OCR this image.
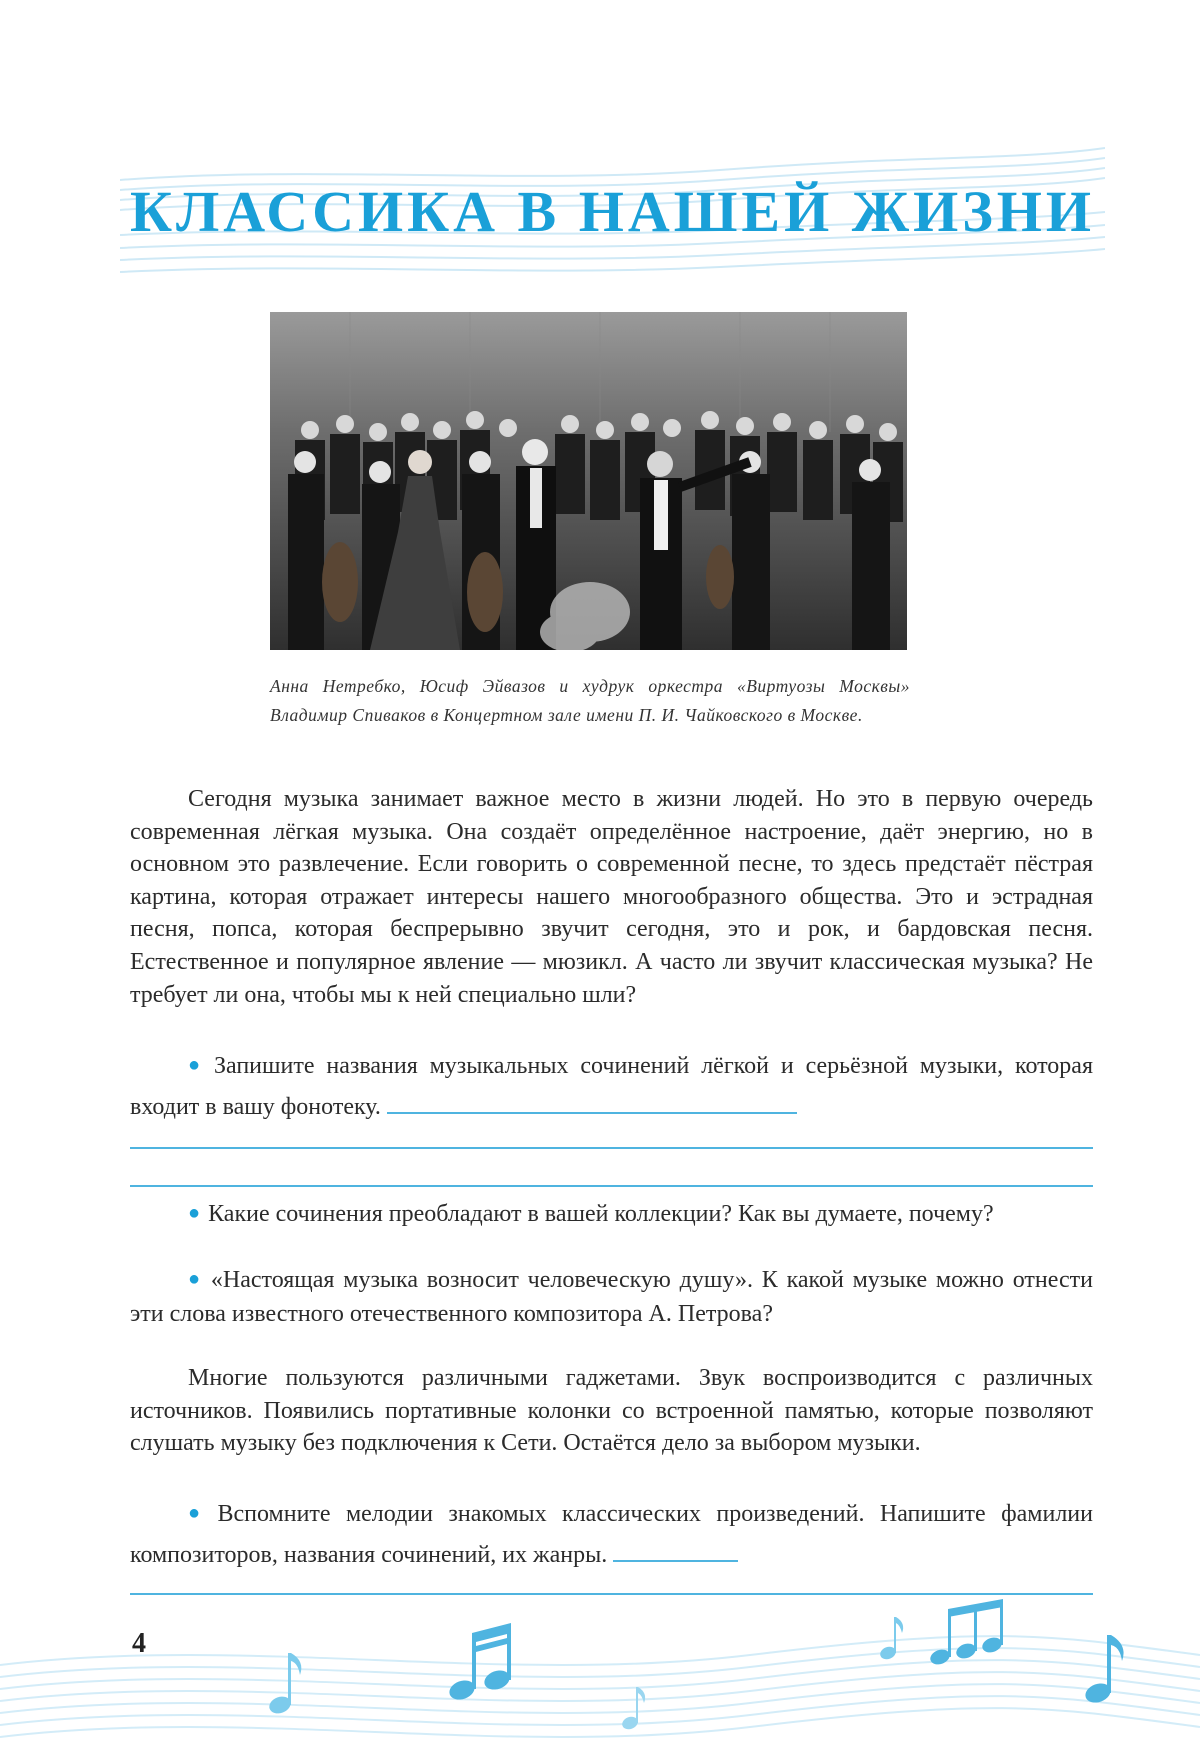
КЛАССИКА В НАШЕЙ ЖИЗНИ
Анна Нетребко, Юсиф Эйвазов и худрук оркестра «Виртуозы Москвы» Владимир Спиваков в Концертном зале имени П. И. Чайковского в Москве.

Сегодня музыка занимает важное место в жизни людей. Но это в первую очередь современная лёгкая музыка. Она создаёт определённое настроение, даёт энергию, но в основном это развлечение. Если говорить о современной песне, то здесь предстаёт пёстрая картина, которая отражает интересы нашего многообразного общества. Это и эстрадная песня, попса, которая беспрерывно звучит сегодня, это и рок, и бардовская песня. Естественное и популярное явление — мюзикл. А часто ли звучит классическая музыка? Не требует ли она, чтобы мы к ней специально шли?

● Запишите названия музыкальных сочинений лёгкой и серьёзной музыки, которая входит в вашу фонотеку.

● Какие сочинения преобладают в вашей коллекции? Как вы думаете, почему?

● «Настоящая музыка возносит человеческую душу». К какой музыке можно отнести эти слова известного отечественного композитора А. Петрова?

Многие пользуются различными гаджетами. Звук воспроизводится с различных источников. Появились портативные колонки со встроенной памятью, которые позволяют слушать музыку без подключения к Сети. Остаётся дело за выбором музыки.

● Вспомните мелодии знакомых классических произведений. Напишите фамилии композиторов, названия сочинений, их жанры.

4
